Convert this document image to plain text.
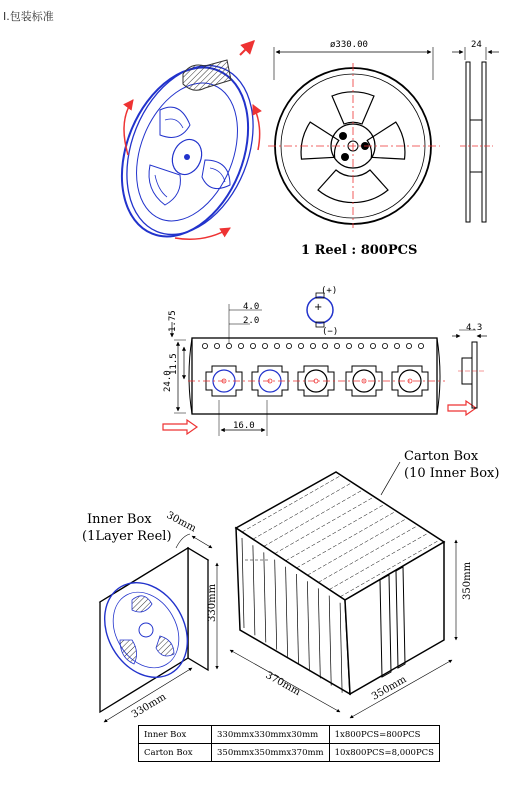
I.包装标准
ø330.00	24
1 Reel : 800PCS
4.0
2.0
1.75
11.5
24.0
16.0
+
(+)
(−)	4.3
Carton Box
(10 Inner Box)
350mm
370mm	350mm
Inner Box
(1Layer Reel)
30mm
330mm
330mm
Inner Box	330mmx330mmx30mm	1x800PCS=800PCS
Carton Box	350mmx350mmx370mm	10x800PCS=8,000PCS
